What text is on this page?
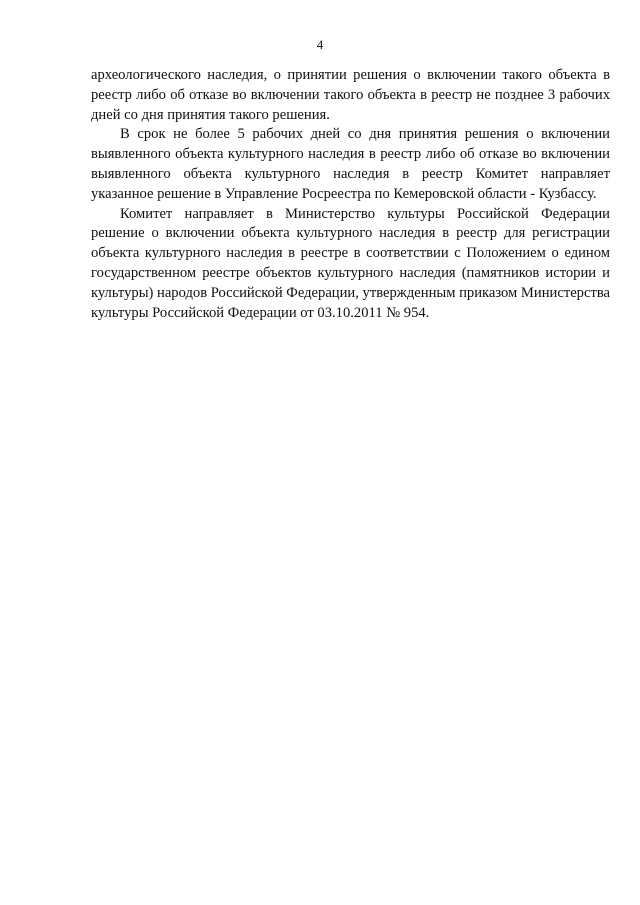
4

археологического наследия, о принятии решения о включении такого объекта в реестр либо об отказе во включении такого объекта в реестр не позднее 3 рабочих дней со дня принятия такого решения.

В срок не более 5 рабочих дней со дня принятия решения о включении выявленного объекта культурного наследия в реестр либо об отказе во включении выявленного объекта культурного наследия в реестр Комитет направляет указанное решение в Управление Росреестра по Кемеровской области - Кузбассу.

Комитет направляет в Министерство культуры Российской Федерации решение о включении объекта культурного наследия в реестр для регистрации объекта культурного наследия в реестре в соответствии с Положением о едином государственном реестре объектов культурного наследия (памятников истории и культуры) народов Российской Федерации, утвержденным приказом Министерства культуры Российской Федерации от 03.10.2011 № 954.
